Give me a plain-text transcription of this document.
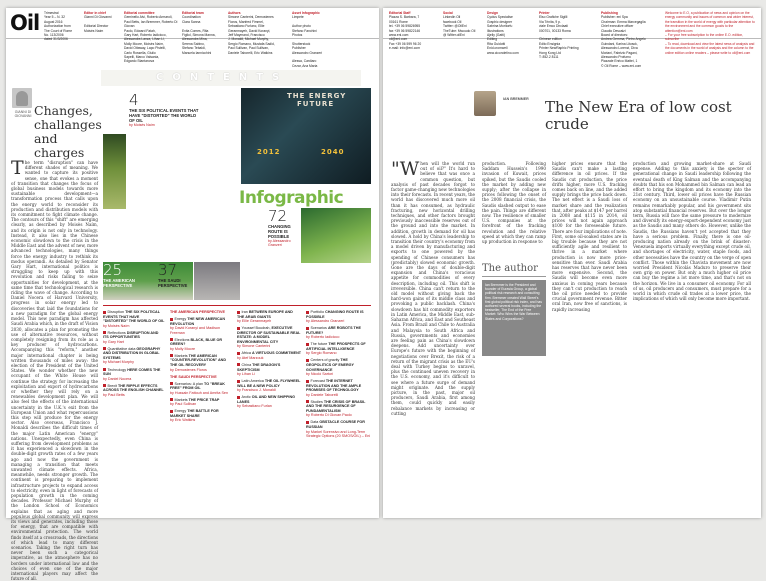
Oil Trimestral
Year 5 – N. 32
August 2016
Authorization from
The Court of Rome
No. 113/2006
dated 31/3/2006
Editor in chief
Gianni Di Giovanni

Editorial Director
Moisès Naím
Editorial committee
Geminello Alvi, Roberto Armaroli, Paul Betts, Ian Bremmer, Roberto Di Giovan
Paolo, Edward Fatah,
Gary Hart, Roberto Iadicicco,
Alessandra Lanza, Lihan Li,
Molly Moore, Moisès Naím,
David Ottaway, Lapo Pistelli,
Carlo Rossella, Giulio
Sapelli, Marco Valsania,
Edgardo Stantanova
Editorial team
Coordination
Clara Sanna

Evita Comes, Rita
Figliol, Simona Manna,
Alessandra Mina,
Serena Sabino,
Stefano Tebaldi,
Manuela Iannicchini
Authors
Simone Canterini, Demostenes
Floros, Manfred Fimmel,
Sebastiano Furlanc, Ellie
Geranmayeh, David Koranyi,
Jeff Maymand, Francisco
J. Monaldi, Michael Murphy,
Sergio Romano, Mustafa Sadid,
Paul Sullivan, Paul Sullivan,
Daniele Taborelli, Eric Watkins
Asset Infographic
Limpete

Author photo
Stefano Fanchini
Photos

Shutterstock
Publisher
Alessandro Granzeri

Alessa, Cardiaro
Cezar, Ana Maria
CONTENTS
GIANNI DI GIOVANNI Changes, challanges and charges
The term "disruption" can have different shades of meaning. We wanted to capture its positive sense, one that evokes a moment of transition that changes the focus of global business models towards more sustainable development—a transformation process that calls upon the energy world to reconsider its production and distribution models with its commitment to fight climate change. The contours of this "shift" are emerging clearly, as described by Moisès Naím, and its origin is not only in technology. Instead, it also lies in the Chinese economic slowdown to the crisis in the Middle East and the advent of new, more advanced technologies, many things force the energy industry to rethink its modus operandi. As detailed by Senator Gary Hart, international politics is struggling to keep up with this revolution and risks failing to seize opportunities for development, at the same time that technological research is riding the wave of change. According to Daniel Nocera of Harvard University, progress in solar energy led to discoveries that laid the foundations for a new paradigm for the global energy model. This new paradigm has affected Saudi Arabia which, in the draft of Vision 2030, allocates a plan for promoting the use of alternative resources, without completely resigning from its role as a key producer of hydrocarbons. Accompanying this "reform," another major international chapter is being written thousands of miles away: the election of the President of the United States. We wonder whether the new occupant of the White House will continue the strategy for increasing the exploitation and export of hydrocarbons or whether they will rely on a renewables development plan. We will also feel the effects of the international uncertainty in the U.K.'s exit from the European Union and what repercussions this step will produce for the energy sector. Also overseas, Francisco J. Monaldi describes the difficult times of the major Latin American "energy" nations. Unexpectedly, even China is suffering from development problems as it has experienced a slowdown in the double-digit growth rates of a few years ago and now the government is managing a transition that meets unwanted climate effects. Africa, meanwhile, needs stronger growth. The continent is preparing to implement infrastructure projects to expand access to electricity, even in light of forecasts of population growth in the coming decades. Professor Michael Murphy of the London School of Economics explains that as aging and more populous global community will express its views and generates, including those for energy, that are compatible with environmental protection. The world finds itself at a crossroads, the directions of which lead to many different scenarios. Taking the right turn has never been such a categorical imperative, as the atmosphere has no borders under international law and the choices of even one of the major international players may affect the future of all.
4
THE SIX POLITICAL EVENTS THAT HAVE "DISTORTED" THE WORLD OF OIL
by Moisès Naím
THE ENERGY
FUTURE
2012	2040
Infographic
72
CHANGING ROUTE IS POSSIBLE
by Alessandro Granzeri
25
THE AMERICAN PERSPECTIVE
37
THE SAUDI PERSPECTIVE
Disruption THE SIX POLITICAL EVENTS THAT HAVE "DISTORTED" THE WORLD OF OIL
by Moisès Naím
Reflections DISRUPTION AND ITS OPPORTUNITIES
by Gary Hart
Quantitative data GEOGRAPHY AND DISTRIBUTION IN GLOBAL SYSTEMS
by Michael Murphy
Technology HERE COMES THE SUN
by Daniel Nocera
Brexit THE RIPPLE EFFECTS ACROSS THE ENGLISH CHANNEL
by Paul Betts
THE AMERICAN PERSPECTIVE
Energy THE NEW AMERICAN REVOLUTION
by David Koranyi and Madison Freeman
Elections BLACK, BLUE OR GREEN?
by Molly Moore
Markets THE AMERICAN "COUNTER-REVOLUTION" AND THE OIL RECOVERY
by Demostenes Floros
THE SAUDI PERSPECTIVE
Scenarios: A plan TO "BREAK FREE" FROM OIL
by Hussain Fattouh and Amrita Sen
Markets THE PRICE TRAP
by Paul Sullivan
Energy THE BATTLE FOR MARKET SHARE
by Eric Watkins
Iran BETWEEN EUROPE AND THE ARAB GIANTS
by Ellie Geranmayeh
Youssef Boudrah, EXECUTIVE DIRECTOR OF SUSTAINABLE REAL ESTATE: A MODEL ENVIRONMENTAL CITY
by Simone Canterini
Africa A VIRTUOUS COMMITMENT
by Atef Marzouk
China THE DRAGON'S SKEPTICISM
by Lihan Li
Latin America THE OIL FLYWHEEL WILL BE A NEW POLICY
by Francisco J. Monaldi
Arctic OIL AND NEW SHIPPING LANES
by Sebastiano Furlan
Portfolio CHANGING ROUTE IS POSSIBLE
by Alessandro Granzeri
Scenarios ARE ROBOTS THE FUTURE?
by Roberto Iadicicco
The future THE PROSPECTS OF ARTIFICIAL INTELLIGENCE
by Sergio Romano
Centers of gravity THE GEOPOLITICS OF ENERGY GOVERNANCE
by Nicolò Sartori
Forecast THE INTERNET REVOLUTION AND THE AMPLE PROMISES OF TECHNOLOGY
by Daniele Taborelli
Studies THE CRISIS OF BRASIL AND THE RESURGENCE OF FUNDAMENTALISM
by Roberto Di Giovan Paolo
Data OBSTACLE COURSE FOR RUSSIAN
by Markel Sorensivo and Long-Term Strategic Options (20 SMOS/OIL) – Eni
Editorial Staff
Piazza S. Barbara, 7
00161 Rome
tel. +39 06 59826955
fax +39 06 59822146
www.eni.com
oil@eni.com
Fax +39 06 599 96 20
e-mail: info@eni.com
Social
Linkedin Oil
facebook Oil
Twitter: @OilEni
TheTube: Mwoudo Oil
@ Witter.oilEni
Design
Cyclus Specialise
Graphic designer
Sabrina Moritorfu
Illustrations
Ajelly (Gatti)
Editing
Rita Guidotti
Enid.cromwell
www.cicondetino.com
Printer
Elso Grafiche Sigilli
Via Trinita, 9 p.
viale Emco Dirclaati
000701, 00133 Roma

Chinese edition
Edito Ensignia
Printer NewRaphic Printing
Hong Kong Ltd
T: 852.2 8111
Publishing
Publisher: eni Spa
Chairman: Emma Marcegaglia
Chief executive officer
Claudio Descalzi
Board of directors:
Andrea Gemma, Pietro Angelo
Guindani, Karina Litvack,
Alessandro Lorenzi, Diva
Moriani, Fabrizio Pagani,
Alessandro Profumo
Piazzale Enrico Mattei, 1
© Oil Rome – www.eni.com
Welcome to E.O, a publication of news and opinion on the energy community and issues of common and wider interest, the transition in the world of energy with particular attention to the environment and the common goods to the attention@eni.com
– For your free subscription to the online E.O. edition, subscribe
– To read, download and view the latest news of analysis and the documents in the world of analysis and the column to the online edition online readers – please write to oil@eni.com
IAN BREMMER The New Era of low cost crude
"When will the world run out of oil?" It's hard to believe that was once a common question, but analysis of past decades forgot to factor game-changing new technologies into their forecasts. In recent years, the world has discovered much more oil than it has consumed, as hydraulic fracturing, new horizontal drilling techniques, and other factors brought previously inaccessible reserves out of the ground and into the market. In addition, growth in demand for oil has slowed. A hold by China's leadership to transition their country's economy from a model driven by manufacturing and exports to one powered by the spending of Chinese consumers has (predictably) slowed economic growth. Gone are the days of double-digit expansion and China's voracious appetite for commodities of every description, including oil. This shift is irreversible. China can't return to the old model without giving back the hard-won gains of its middle class and provoking a public backlash. China's slowdown has hit commodity exporters in Latin America, the Middle East, sub-Saharan Africa, and East and Southeast Asia. From Brazil and Chile to Australia and Malaysia to South Africa and Russia, governments and economies are feeling pain as China's slowdown deepens. Add uncertainty over Europe's future with the beginning of negotiations over Brexit, the risk of a return of the migrant crisis as the EU's deal with Turkey begins to unravel, plus the continued uneven recovery in the U.S. economy, and it's difficult to see where a future surge of demand might originate. And the supply picture, in the past, major oil producers, Saudi Arabia, first among them, could quickly and easily rebalance markets by increasing or cutting
production. Following Saddam Hussein's 1990 invasion of Kuwait, prices spiked, but the Saudis cooled the market by adding new supply; after the collapse in prices following the onset of the 2008 financial crisis, the Saudis slashed output to ease the pain. Things are different now. The resilience of smaller U.S. companies at the forefront of the fracking revolution and the relative speed at which they can ramp up production in response to
The author
Ian Bremmer is the President and founder of Eurasia Group, a global political risk research and consulting firm. Bremmer created Wall Street's first global political risk index, and has authored several books, including the bestseller, The End of the Free Market: Who Wins the War Between States and Corporations?
higher prices ensure that the Saudis can't make a lasting difference in oil prices. If the Saudis cut production, the price drifts higher, more U.S. fracking comes back on line, and the added supply brings the price back down. The net effect is a Saudi loss of market share and the realization that, after peaks at $147 per barrel in 2008 and $115 in 2014, oil prices will not again approach $100 for the foreseeable future. There are four implications of note. First, some oil-soaked states are in big trouble because they are not sufficiently agile and resilient to thrive in a market where production is now more price-sensitive than ever. Saudi Arabia has reserves that have never been more expensive. Second, the Saudis will become even more anxious in coming years because they can't cut production to reach the oil price needed to provide crucial government revenue. Bitter oral Iran, now free of sanctions, is rapidly increasing
production and growing market-share at Saudi expense. Adding to this anxiety is the specter of generational change in Saudi leadership following the eventual death of King Salman and the accompanying doubts that his son Mohammed bin Salman can lead an effort to bring the kingdom and its economy into the 21st century. Third, lower oil prices have the Russian economy on an unsustainable course. Vladimir Putin remains remarkably popular, and his government sits atop substantial financial reserves. But over the longer term, Russia will face the same pressure to modernize and diversify its energy-export-dependent economy just as the Saudis and many others do. However, unlike the Saudis, the Russians haven't yet accepted that they have a serious problem. Finally, there is one oil-producing nation already on the brink of disaster: Venezuela imports virtually everything except crude oil, and shortages of electricity, water, staple foods, and other necessities have the country on the verge of open conflict. Those within the Chavista movement are now worried President Nicolás Maduro to preserve their own grip on power. But only a much higher oil price can buy the regime a lot more time, and that's not on the horizon. We live in a consumer oil economy. For all of us, oil producers and consumers, must prepare for a world in which crude oil trades at a lower price, the implications of which will only become more important.
